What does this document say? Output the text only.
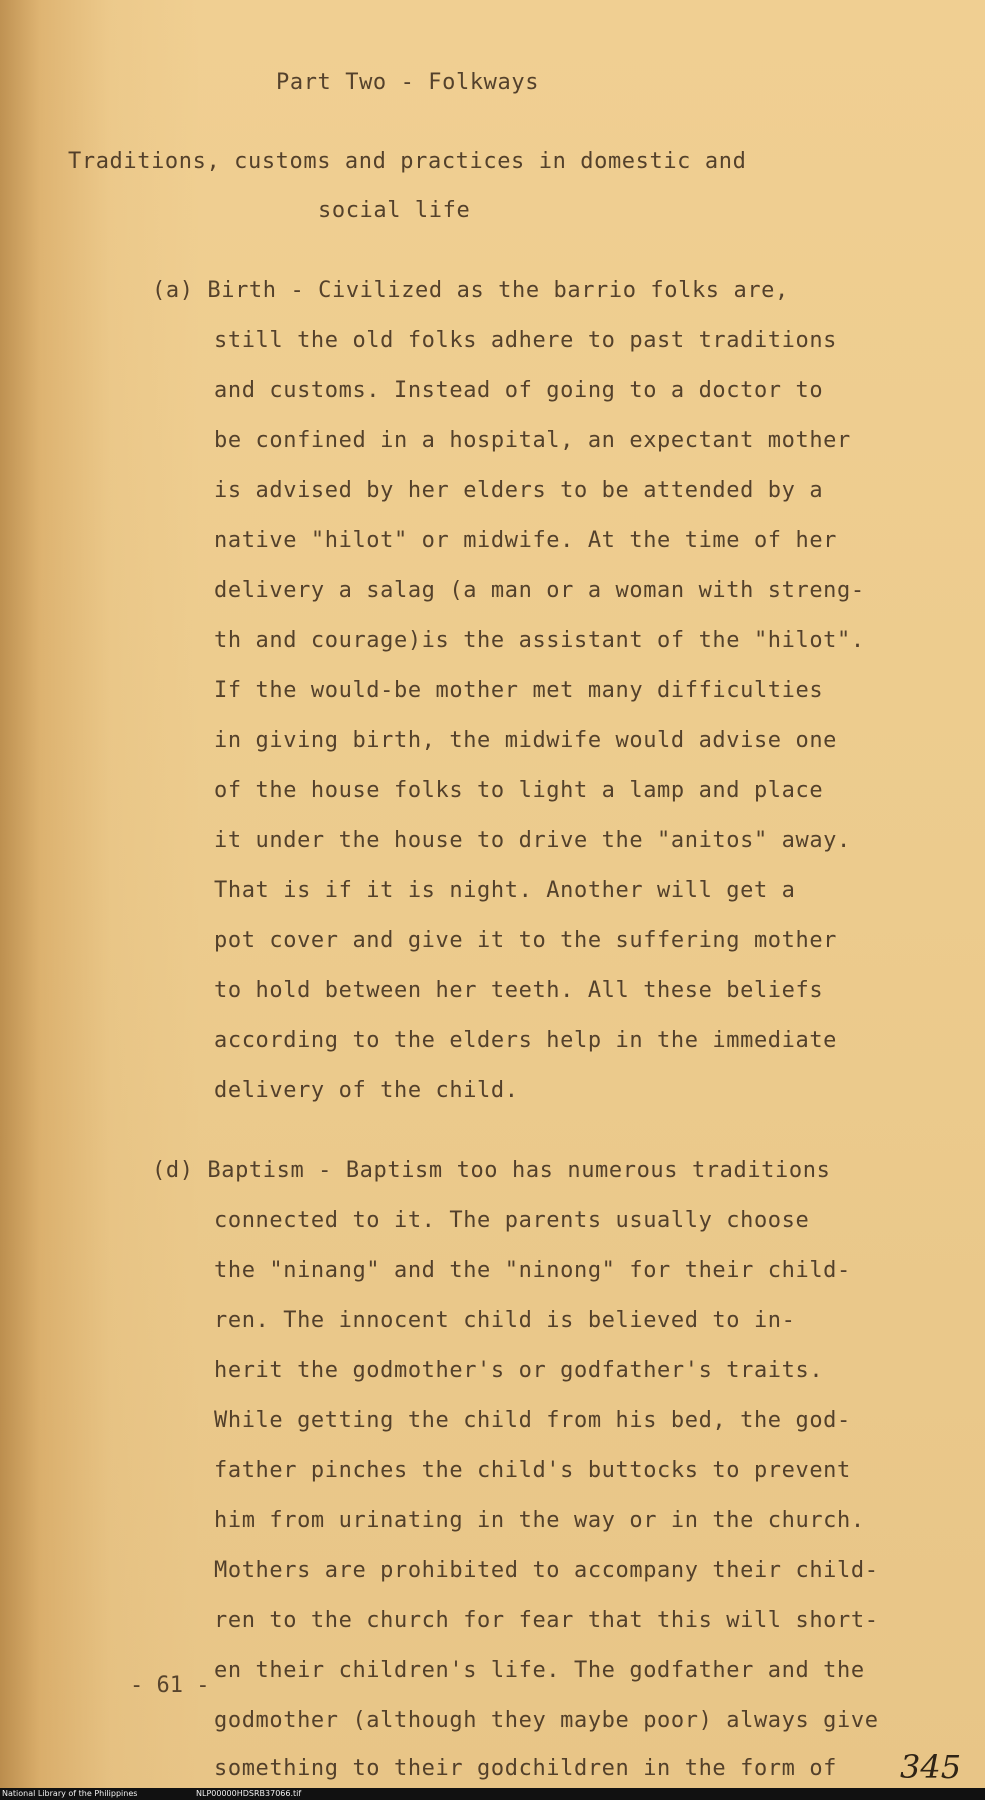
Part Two - Folkways
Traditions, customs and practices in domestic and
social life
(a) Birth - Civilized as the barrio folks are,
still the old folks adhere to past traditions
and customs. Instead of going to a doctor to
be confined in a hospital, an expectant mother
is advised by her elders to be attended by a
native "hilot" or midwife. At the time of her
delivery a salag (a man or a woman with streng-
th and courage)is the assistant of the "hilot".
If the would-be mother met many difficulties
in giving birth, the midwife would advise one
of the house folks to light a lamp and place
it under the house to drive the "anitos" away.
That is if it is night. Another will get a
pot cover and give it to the suffering mother
to hold between her teeth. All these beliefs
according to the elders help in the immediate
delivery of the child.
(d) Baptism - Baptism too has numerous traditions
connected to it. The parents usually choose
the "ninang" and the "ninong" for their child-
ren. The innocent child is believed to in-
herit the godmother's or godfather's traits.
While getting the child from his bed, the god-
father pinches the child's buttocks to prevent
him from urinating in the way or in the church.
Mothers are prohibited to accompany their child-
ren to the church for fear that this will short-
en their children's life. The godfather and the
godmother (although they maybe poor) always give
something to their godchildren in the form of
- 61 -
345
National Library of the Philippines	NLP00000HDSRB37066.tif
